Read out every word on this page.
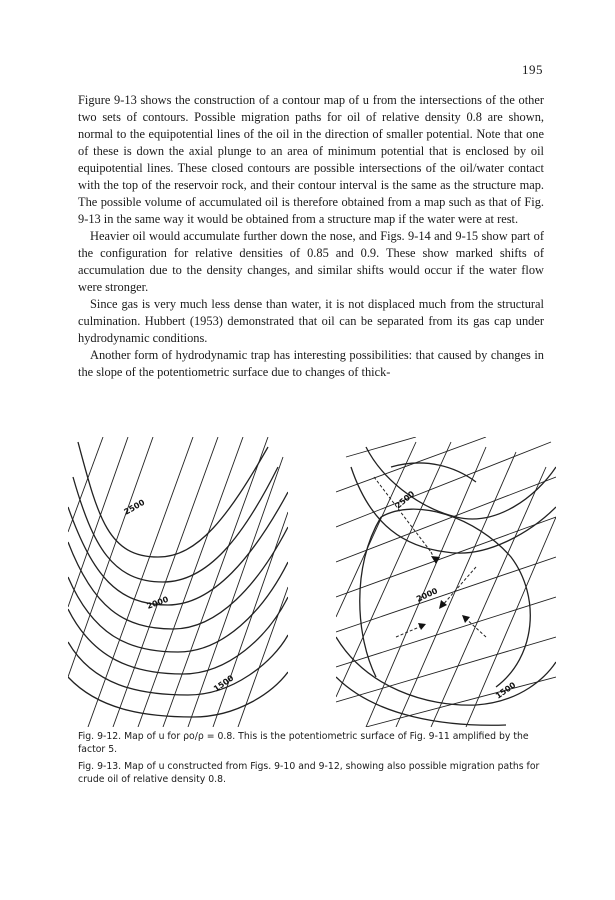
195

Figure 9-13 shows the construction of a contour map of u from the intersections of the other two sets of contours. Possible migration paths for oil of relative density 0.8 are shown, normal to the equipotential lines of the oil in the direction of smaller potential. Note that one of these is down the axial plunge to an area of minimum potential that is enclosed by oil equipotential lines. These closed contours are possible intersections of the oil/water contact with the top of the reservoir rock, and their contour interval is the same as the structure map. The possible volume of accumulated oil is therefore obtained from a map such as that of Fig. 9-13 in the same way it would be obtained from a structure map if the water were at rest.

Heavier oil would accumulate further down the nose, and Figs. 9-14 and 9-15 show part of the configuration for relative densities of 0.85 and 0.9. These show marked shifts of accumulation due to the density changes, and similar shifts would occur if the water flow were stronger.

Since gas is very much less dense than water, it is not displaced much from the structural culmination. Hubbert (1953) demonstrated that oil can be separated from its gas cap under hydrodynamic conditions.

Another form of hydrodynamic trap has interesting possibilities: that caused by changes in the slope of the potentiometric surface due to changes of thick-

2500
2000
1500
2500
2000
1500

Fig. 9-12. Map of u for ρo/ρ = 0.8. This is the potentiometric surface of Fig. 9-11 amplified by the factor 5.

Fig. 9-13. Map of u constructed from Figs. 9-10 and 9-12, showing also possible migration paths for crude oil of relative density 0.8.
